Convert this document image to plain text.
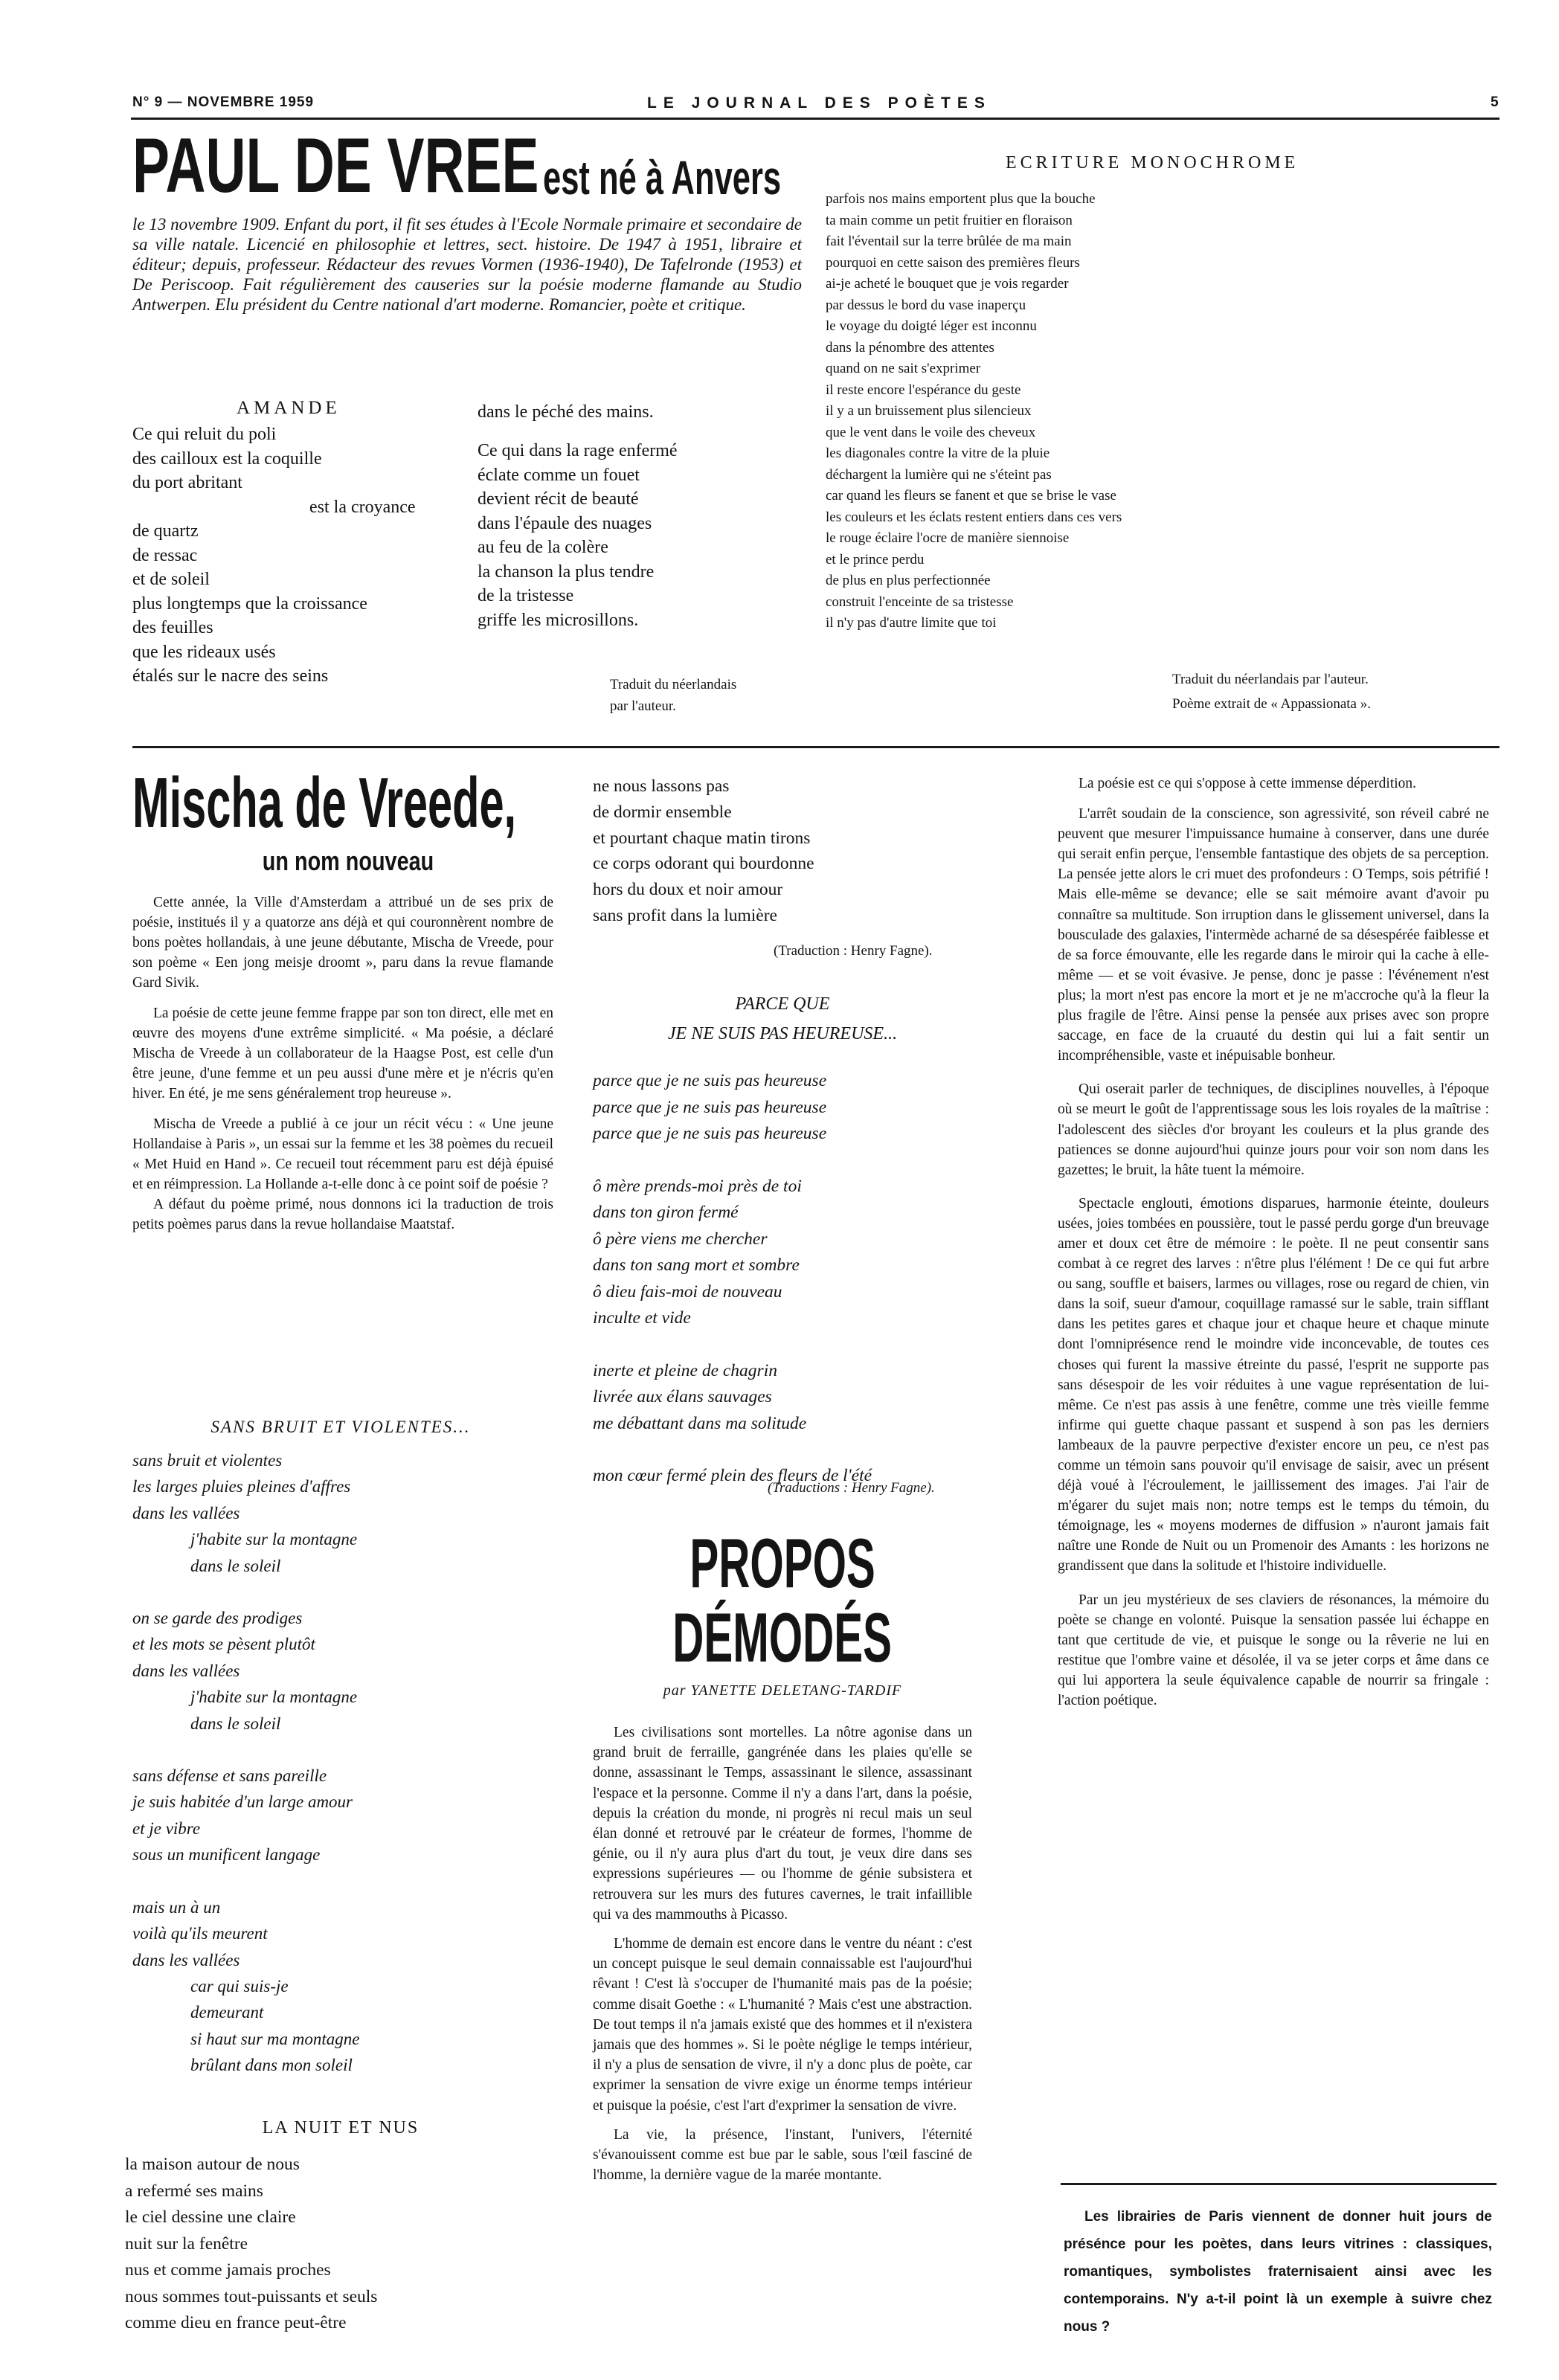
N° 9 — NOVEMBRE 1959	LE JOURNAL DES POÈTES	5
PAUL DE VREE est né à Anvers
le 13 novembre 1909. Enfant du port, il fit ses études à l'Ecole Normale primaire et secondaire de sa ville natale. Licencié en philosophie et lettres, sect. histoire. De 1947 à 1951, libraire et éditeur; depuis, professeur. Rédacteur des revues Vormen (1936-1940), De Tafelronde (1953) et De Periscoop. Fait régulièrement des causeries sur la poésie moderne flamande au Studio Antwerpen. Elu président du Centre national d'art moderne. Romancier, poète et critique.
AMANDE
Ce qui reluit du poli
des cailloux est la coquille
du port abritant
est la croyance
de quartz
de ressac
et de soleil
plus longtemps que la croissance
des feuilles
que les rideaux usés
étalés sur le nacre des seins
dans le péché des mains.
Ce qui dans la rage enfermé
éclate comme un fouet
devient récit de beauté
dans l'épaule des nuages
au feu de la colère
la chanson la plus tendre
de la tristesse
griffe les microsillons.
Traduit du néerlandais
par l'auteur.
ECRITURE MONOCHROME
parfois nos mains emportent plus que la bouche
ta main comme un petit fruitier en floraison
fait l'éventail sur la terre brûlée de ma main
pourquoi en cette saison des premières fleurs
ai-je acheté le bouquet que je vois regarder
par dessus le bord du vase inaperçu
le voyage du doigté léger est inconnu
dans la pénombre des attentes
quand on ne sait s'exprimer
il reste encore l'espérance du geste
il y a un bruissement plus silencieux
que le vent dans le voile des cheveux
les diagonales contre la vitre de la pluie
déchargent la lumière qui ne s'éteint pas
car quand les fleurs se fanent et que se brise le vase
les couleurs et les éclats restent entiers dans ces vers
le rouge éclaire l'ocre de manière siennoise
et le prince perdu
de plus en plus perfectionnée
construit l'enceinte de sa tristesse
il n'y pas d'autre limite que toi
Traduit du néerlandais par l'auteur.
Poème extrait de « Appassionata ».
Mischa de Vreede,
un nom nouveau

Cette année, la Ville d'Amsterdam a attribué un de ses prix de poésie, institués il y a quatorze ans déjà et qui couronnèrent nombre de bons poètes hollandais, à une jeune débutante, Mischa de Vreede, pour son poème « Een jong meisje droomt », paru dans la revue flamande Gard Sivik.

La poésie de cette jeune femme frappe par son ton direct, elle met en œuvre des moyens d'une extrême simplicité. « Ma poésie, a déclaré Mischa de Vreede à un collaborateur de la Haagse Post, est celle d'un être jeune, d'une femme et un peu aussi d'une mère et je n'écris qu'en hiver. En été, je me sens généralement trop heureuse ».

Mischa de Vreede a publié à ce jour un récit vécu : « Une jeune Hollandaise à Paris », un essai sur la femme et les 38 poèmes du recueil « Met Huid en Hand ». Ce recueil tout récemment paru est déjà épuisé et en réimpression. La Hollande a-t-elle donc à ce point soif de poésie ?

A défaut du poème primé, nous donnons ici la traduction de trois petits poèmes parus dans la revue hollandaise Maatstaf.

SANS BRUIT ET VIOLENTES...
sans bruit et violentes
les larges pluies pleines d'affres
dans les vallées
j'habite sur la montagne
dans le soleil
on se garde des prodiges
et les mots se pèsent plutôt
dans les vallées
j'habite sur la montagne
dans le soleil
sans défense et sans pareille
je suis habitée d'un large amour
et je vibre
sous un munificent langage
mais un à un
voilà qu'ils meurent
dans les vallées
car qui suis-je
demeurant
si haut sur ma montagne
brûlant dans mon soleil
LA NUIT ET NUS
la maison autour de nous
a refermé ses mains
le ciel dessine une claire
nuit sur la fenêtre
nus et comme jamais proches
nous sommes tout-puissants et seuls
comme dieu en france peut-être
ne nous lassons pas
de dormir ensemble
et pourtant chaque matin tirons
ce corps odorant qui bourdonne
hors du doux et noir amour
sans profit dans la lumière
(Traduction : Henry Fagne).
PARCE QUE
JE NE SUIS PAS HEUREUSE...
parce que je ne suis pas heureuse
parce que je ne suis pas heureuse
parce que je ne suis pas heureuse
ô mère prends-moi près de toi
dans ton giron fermé
ô père viens me chercher
dans ton sang mort et sombre
ô dieu fais-moi de nouveau
inculte et vide
inerte et pleine de chagrin
livrée aux élans sauvages
me débattant dans ma solitude
mon cœur fermé plein des fleurs de l'été
(Traductions : Henry Fagne).
PROPOS
DÉMODÉS
par YANETTE DELETANG-TARDIF

Les civilisations sont mortelles. La nôtre agonise dans un grand bruit de ferraille, gangrénée dans les plaies qu'elle se donne, assassinant le Temps, assassinant le silence, assassinant l'espace et la personne. Comme il n'y a dans l'art, dans la poésie, depuis la création du monde, ni progrès ni recul mais un seul élan donné et retrouvé par le créateur de formes, l'homme de génie, ou il n'y aura plus d'art du tout, je veux dire dans ses expressions supérieures — ou l'homme de génie subsistera et retrouvera sur les murs des futures cavernes, le trait infaillible qui va des mammouths à Picasso.

L'homme de demain est encore dans le ventre du néant : c'est un concept puisque le seul demain connaissable est l'aujourd'hui rêvant ! C'est là s'occuper de l'humanité mais pas de la poésie; comme disait Goethe : « L'humanité ? Mais c'est une abstraction. De tout temps il n'a jamais existé que des hommes et il n'existera jamais que des hommes ». Si le poète néglige le temps intérieur, il n'y a plus de sensation de vivre, il n'y a donc plus de poète, car exprimer la sensation de vivre exige un énorme temps intérieur et puisque la poésie, c'est l'art d'exprimer la sensation de vivre.

La vie, la présence, l'instant, l'univers, l'éternité s'évanouissent comme est bue par le sable, sous l'œil fasciné de l'homme, la dernière vague de la marée montante.

La poésie est ce qui s'oppose à cette immense déperdition.

L'arrêt soudain de la conscience, son agressivité, son réveil cabré ne peuvent que mesurer l'impuissance humaine à conserver, dans une durée qui serait enfin perçue, l'ensemble fantastique des objets de sa perception. La pensée jette alors le cri muet des profondeurs : O Temps, sois pétrifié ! Mais elle-même se devance; elle se sait mémoire avant d'avoir pu connaître sa multitude. Son irruption dans le glissement universel, dans la bousculade des galaxies, l'intermède acharné de sa désespérée faiblesse et de sa force émouvante, elle les regarde dans le miroir qui la cache à elle-même — et se voit évasive. Je pense, donc je passe : l'événement n'est plus; la mort n'est pas encore la mort et je ne m'accroche qu'à la fleur la plus fragile de l'être. Ainsi pense la pensée aux prises avec son propre saccage, en face de la cruauté du destin qui lui a fait sentir un incompréhensible, vaste et inépuisable bonheur.

Qui oserait parler de techniques, de disciplines nouvelles, à l'époque où se meurt le goût de l'apprentissage sous les lois royales de la maîtrise : l'adolescent des siècles d'or broyant les couleurs et la plus grande des patiences se donne aujourd'hui quinze jours pour voir son nom dans les gazettes; le bruit, la hâte tuent la mémoire.

Spectacle englouti, émotions disparues, harmonie éteinte, douleurs usées, joies tombées en poussière, tout le passé perdu gorge d'un breuvage amer et doux cet être de mémoire : le poète. Il ne peut consentir sans combat à ce regret des larves : n'être plus l'élément ! De ce qui fut arbre ou sang, souffle et baisers, larmes ou villages, rose ou regard de chien, vin dans la soif, sueur d'amour, coquillage ramassé sur le sable, train sifflant dans les petites gares et chaque jour et chaque heure et chaque minute dont l'omniprésence rend le moindre vide inconcevable, de toutes ces choses qui furent la massive étreinte du passé, l'esprit ne supporte pas sans désespoir de les voir réduites à une vague représentation de lui-même. Ce n'est pas assis à une fenêtre, comme une très vieille femme infirme qui guette chaque passant et suspend à son pas les derniers lambeaux de la pauvre perpective d'exister encore un peu, ce n'est pas comme un témoin sans pouvoir qu'il envisage de saisir, avec un présent déjà voué à l'écroulement, le jaillissement des images. J'ai l'air de m'égarer du sujet mais non; notre temps est le temps du témoin, du témoignage, les « moyens modernes de diffusion » n'auront jamais fait naître une Ronde de Nuit ou un Promenoir des Amants : les horizons ne grandissent que dans la solitude et l'histoire individuelle.

Par un jeu mystérieux de ses claviers de résonances, la mémoire du poète se change en volonté. Puisque la sensation passée lui échappe en tant que certitude de vie, et puisque le songe ou la rêverie ne lui en restitue que l'ombre vaine et désolée, il va se jeter corps et âme dans ce qui lui apportera la seule équivalence capable de nourrir sa fringale : l'action poétique.

Les librairies de Paris viennent de donner huit jours de présénce pour les poètes, dans leurs vitrines : classiques, romantiques, symbolistes fraternisaient ainsi avec les contemporains. N'y a-t-il point là un exemple à suivre chez nous ?
